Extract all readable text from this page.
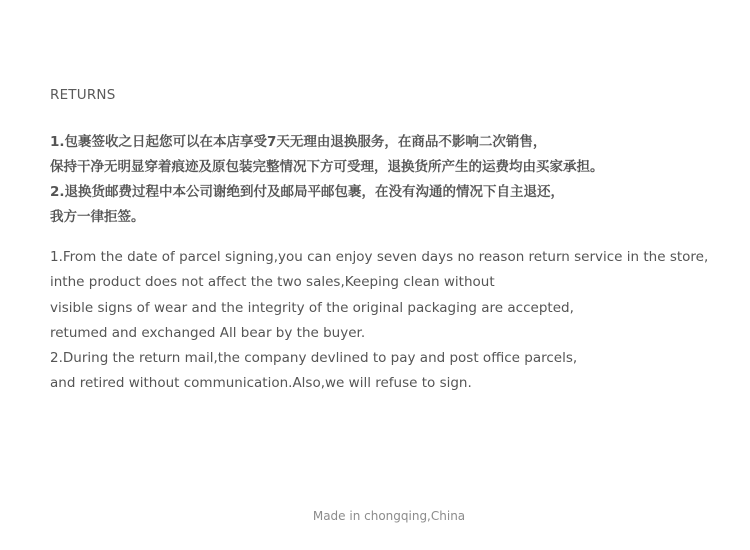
RETURNS
1.包裹签收之日起您可以在本店享受7天无理由退换服务，在商品不影响二次销售，
保持干净无明显穿着痕迹及原包装完整情况下方可受理，退换货所产生的运费均由买家承担。
2.退换货邮费过程中本公司谢绝到付及邮局平邮包裹，在没有沟通的情况下自主退还，
我方一律拒签。
1.From the date of parcel signing,you can enjoy seven days no reason return service in the store,
inthe product does not affect the two sales,Keeping clean without
visible signs of wear and the integrity of the original packaging are accepted,
retumed and exchanged All bear by the buyer.
2.During the return mail,the company devlined to pay and post office parcels,
and retired without communication.Also,we will refuse to sign.
Made in chongqing,China
